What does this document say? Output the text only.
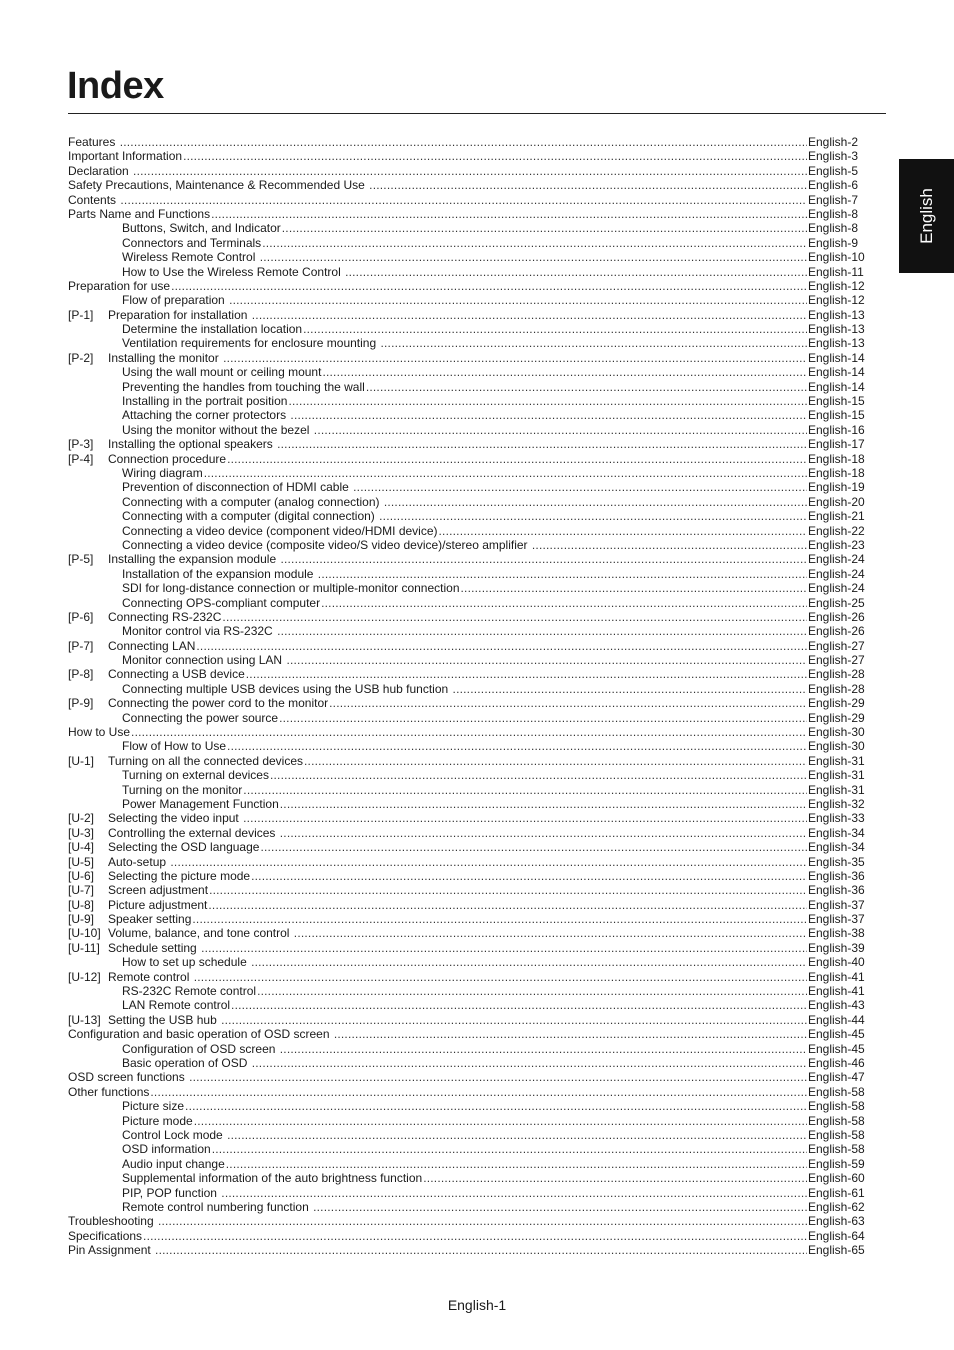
Index
English
Features .....	English-2
Important Information .....	English-3
Declaration .....	English-5
Safety Precautions, Maintenance & Recommended Use .....	English-6
Contents .....	English-7
Parts Name and Functions .....	English-8
Buttons, Switch, and Indicator .....	English-8
Connectors and Terminals .....	English-9
Wireless Remote Control .....	English-10
How to Use the Wireless Remote Control .....	English-11
Preparation for use .....	English-12
Flow of preparation .....	English-12
[P-1]	Preparation for installation .....	English-13
Determine the installation location .....	English-13
Ventilation requirements for enclosure mounting .....	English-13
[P-2]	Installing the monitor .....	English-14
Using the wall mount or ceiling mount .....	English-14
Preventing the handles from touching the wall .....	English-14
Installing in the portrait position .....	English-15
Attaching the corner protectors .....	English-15
Using the monitor without the bezel .....	English-16
[P-3]	Installing the optional speakers .....	English-17
[P-4]	Connection procedure .....	English-18
Wiring diagram .....	English-18
Prevention of disconnection of HDMI cable .....	English-19
Connecting with a computer (analog connection) .....	English-20
Connecting with a computer (digital connection) .....	English-21
Connecting a video device (component video/HDMI device) .....	English-22
Connecting a video device (composite video/S video device)/stereo amplifier .....	English-23
[P-5]	Installing the expansion module .....	English-24
Installation of the expansion module .....	English-24
SDI for long-distance connection or multiple-monitor connection .....	English-24
Connecting OPS-compliant computer .....	English-25
[P-6]	Connecting RS-232C .....	English-26
Monitor control via RS-232C .....	English-26
[P-7]	Connecting LAN .....	English-27
Monitor connection using LAN .....	English-27
[P-8]	Connecting a USB device .....	English-28
Connecting multiple USB devices using the USB hub function .....	English-28
[P-9]	Connecting the power cord to the monitor .....	English-29
Connecting the power source .....	English-29
How to Use .....	English-30
Flow of How to Use .....	English-30
[U-1]	Turning on all the connected devices .....	English-31
Turning on external devices .....	English-31
Turning on the monitor .....	English-31
Power Management Function .....	English-32
[U-2]	Selecting the video input .....	English-33
[U-3]	Controlling the external devices .....	English-34
[U-4]	Selecting the OSD language .....	English-34
[U-5]	Auto-setup .....	English-35
[U-6]	Selecting the picture mode .....	English-36
[U-7]	Screen adjustment .....	English-36
[U-8]	Picture adjustment .....	English-37
[U-9]	Speaker setting .....	English-37
[U-10] Volume, balance, and tone control .....	English-38
[U-11] Schedule setting .....	English-39
How to set up schedule .....	English-40
[U-12] Remote control .....	English-41
RS-232C Remote control .....	English-41
LAN Remote control .....	English-43
[U-13] Setting the USB hub .....	English-44
Configuration and basic operation of OSD screen .....	English-45
Configuration of OSD screen .....	English-45
Basic operation of OSD .....	English-46
OSD screen functions .....	English-47
Other functions .....	English-58
Picture size .....	English-58
Picture mode .....	English-58
Control Lock mode .....	English-58
OSD information .....	English-58
Audio input change .....	English-59
Supplemental information of the auto brightness function .....	English-60
PIP, POP function .....	English-61
Remote control numbering function .....	English-62
Troubleshooting .....	English-63
Specifications .....	English-64
Pin Assignment .....	English-65
English-1
